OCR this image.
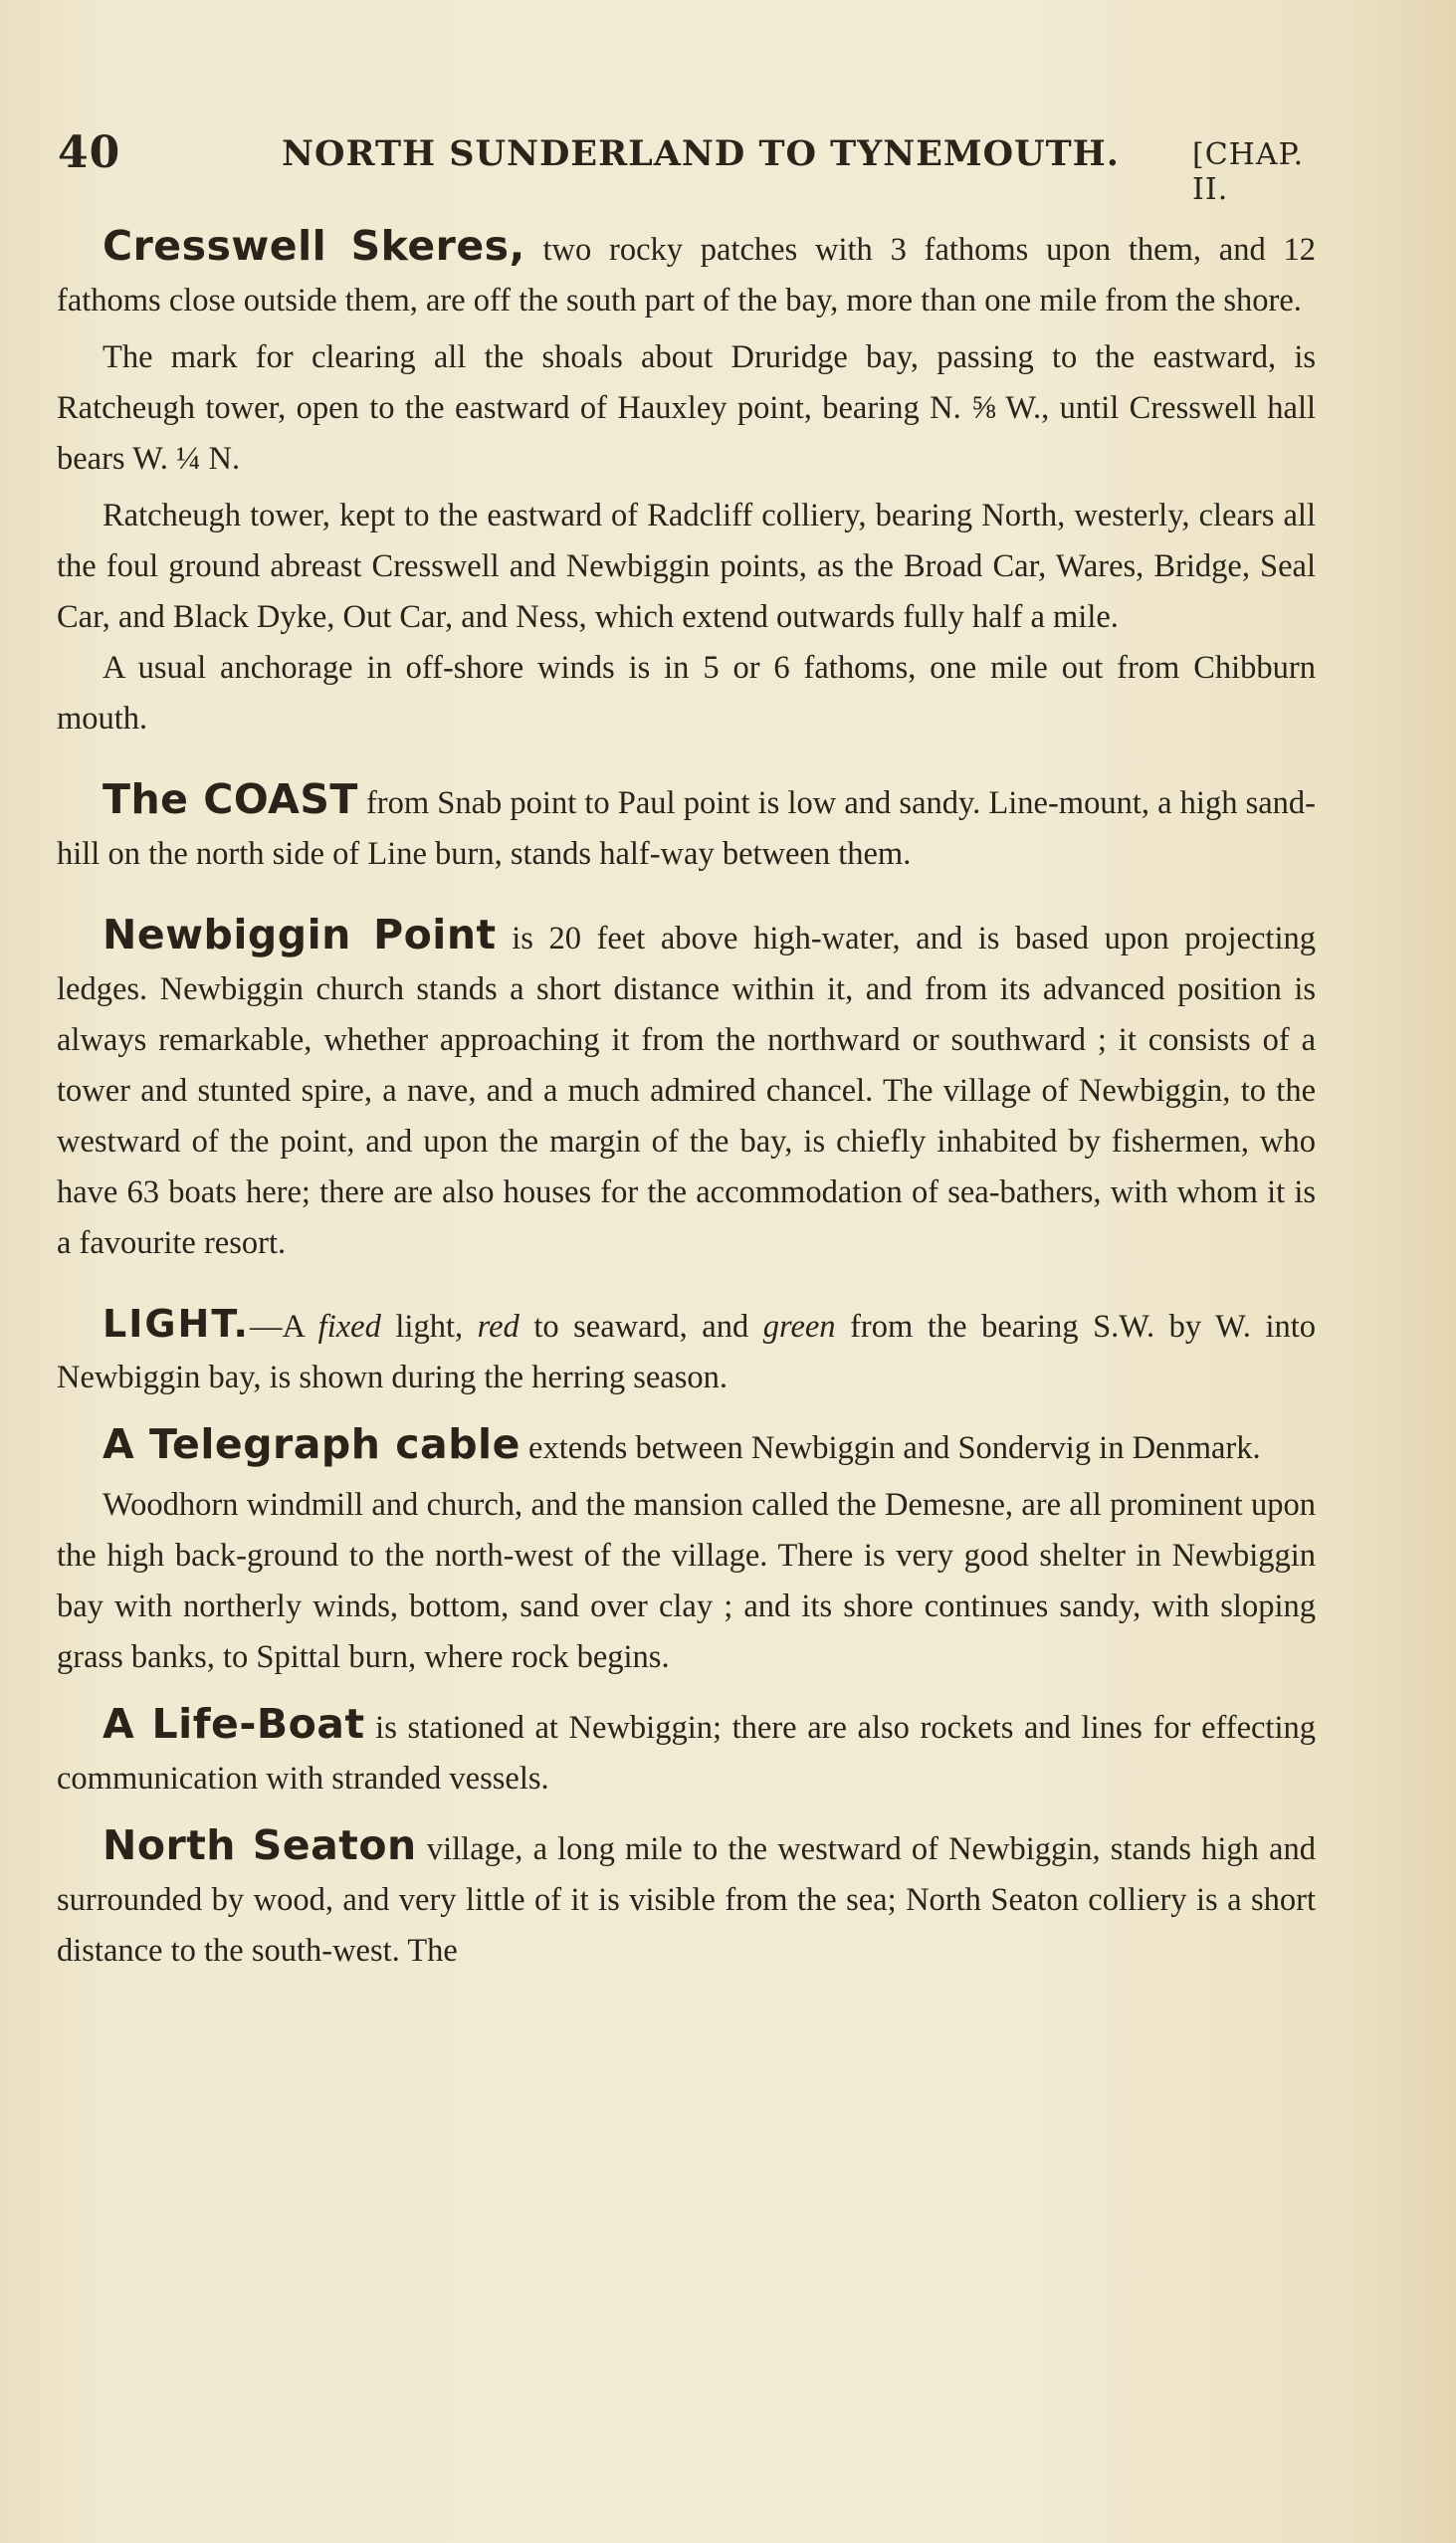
40	NORTH SUNDERLAND TO TYNEMOUTH. [CHAP. II.

Cresswell Skeres, two rocky patches with 3 fathoms upon them, and 12 fathoms close outside them, are off the south part of the bay, more than one mile from the shore.

The mark for clearing all the shoals about Druridge bay, passing to the eastward, is Ratcheugh tower, open to the eastward of Hauxley point, bearing N. ⅝ W., until Cresswell hall bears W. ¼ N.

Ratcheugh tower, kept to the eastward of Radcliff colliery, bearing North, westerly, clears all the foul ground abreast Cresswell and Newbiggin points, as the Broad Car, Wares, Bridge, Seal Car, and Black Dyke, Out Car, and Ness, which extend outwards fully half a mile.

A usual anchorage in off-shore winds is in 5 or 6 fathoms, one mile out from Chibburn mouth.

The COAST from Snab point to Paul point is low and sandy. Line-mount, a high sand-hill on the north side of Line burn, stands half-way between them.

Newbiggin Point is 20 feet above high-water, and is based upon projecting ledges. Newbiggin church stands a short distance within it, and from its advanced position is always remarkable, whether approaching it from the northward or southward ; it consists of a tower and stunted spire, a nave, and a much admired chancel. The village of Newbiggin, to the westward of the point, and upon the margin of the bay, is chiefly inhabited by fishermen, who have 63 boats here; there are also houses for the accommodation of sea-bathers, with whom it is a favourite resort.

LIGHT.—A fixed light, red to seaward, and green from the bearing S.W. by W. into Newbiggin bay, is shown during the herring season.

A Telegraph cable extends between Newbiggin and Sondervig in Denmark.

Woodhorn windmill and church, and the mansion called the Demesne, are all prominent upon the high back-ground to the north-west of the village. There is very good shelter in Newbiggin bay with northerly winds, bottom, sand over clay ; and its shore continues sandy, with sloping grass banks, to Spittal burn, where rock begins.

A Life-Boat is stationed at Newbiggin; there are also rockets and lines for effecting communication with stranded vessels.

North Seaton village, a long mile to the westward of Newbiggin, stands high and surrounded by wood, and very little of it is visible from the sea; North Seaton colliery is a short distance to the south-west. The
